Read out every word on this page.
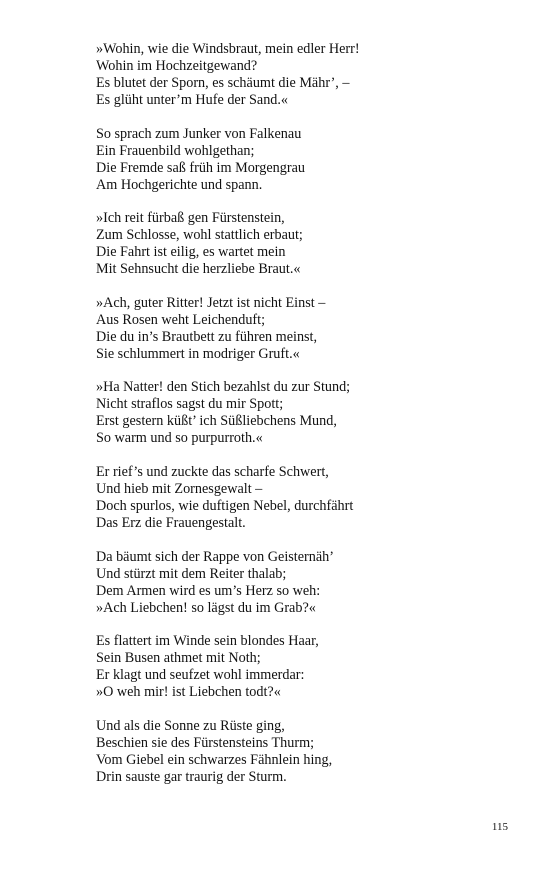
»Wohin, wie die Windsbraut, mein edler Herr!
Wohin im Hochzeitgewand?
Es blutet der Sporn, es schäumt die Mähr’, –
Es glüht unter’m Hufe der Sand.«
So sprach zum Junker von Falkenau
Ein Frauenbild wohlgethan;
Die Fremde saß früh im Morgengrau
Am Hochgerichte und spann.
»Ich reit fürbaß gen Fürstenstein,
Zum Schlosse, wohl stattlich erbaut;
Die Fahrt ist eilig, es wartet mein
Mit Sehnsucht die herzliebe Braut.«
»Ach, guter Ritter! Jetzt ist nicht Einst –
Aus Rosen weht Leichenduft;
Die du in’s Brautbett zu führen meinst,
Sie schlummert in modriger Gruft.«
»Ha Natter! den Stich bezahlst du zur Stund;
Nicht straflos sagst du mir Spott;
Erst gestern küßt’ ich Süßliebchens Mund,
So warm und so purpurroth.«
Er rief’s und zuckte das scharfe Schwert,
Und hieb mit Zornesgewalt –
Doch spurlos, wie duftigen Nebel, durchfährt
Das Erz die Frauengestalt.
Da bäumt sich der Rappe von Geisternäh’
Und stürzt mit dem Reiter thalab;
Dem Armen wird es um’s Herz so weh:
»Ach Liebchen! so lägst du im Grab?«
Es flattert im Winde sein blondes Haar,
Sein Busen athmet mit Noth;
Er klagt und seufzet wohl immerdar:
»O weh mir! ist Liebchen todt?«
Und als die Sonne zu Rüste ging,
Beschien sie des Fürstensteins Thurm;
Vom Giebel ein schwarzes Fähnlein hing,
Drin sauste gar traurig der Sturm.
115
